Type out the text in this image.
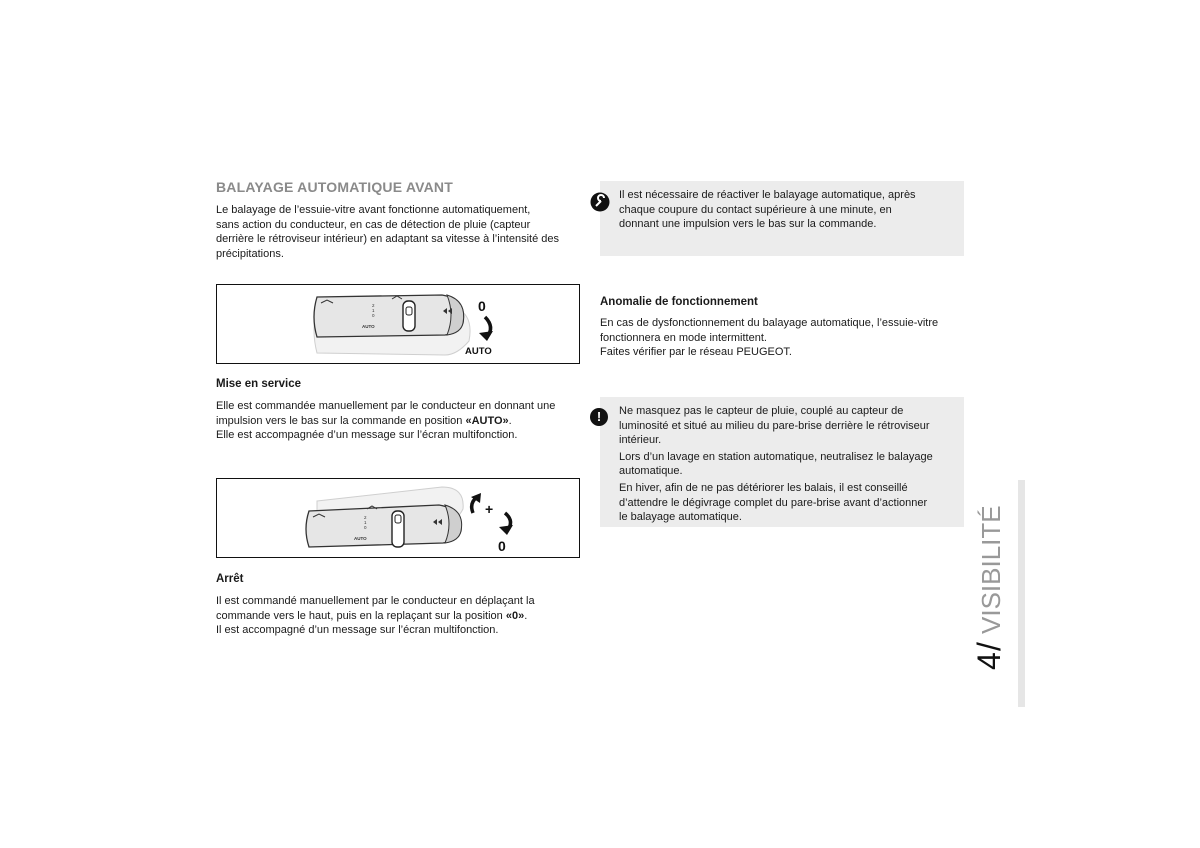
BALAYAGE AUTOMATIQUE AVANT
Le balayage de l’essuie-vitre avant fonctionne automatiquement,
sans action du conducteur, en cas de détection de pluie (capteur
derrière le rétroviseur intérieur) en adaptant sa vitesse à l’intensité des
précipitations.
2
1
0
AUTO
0
AUTO
Mise en service
Elle est commandée manuellement par le conducteur en donnant une
impulsion vers le bas sur la commande en position «AUTO».
Elle est accompagnée d’un message sur l’écran multifonction.
2
1
0
AUTO
+
0
Arrêt
Il est commandé manuellement par le conducteur en déplaçant la
commande vers le haut, puis en la replaçant sur la position «0».
Il est accompagné d’un message sur l’écran multifonction.
Il est nécessaire de réactiver le balayage automatique, après
chaque coupure du contact supérieure à une minute, en
donnant une impulsion vers le bas sur la commande.
Anomalie de fonctionnement
En cas de dysfonctionnement du balayage automatique, l’essuie-vitre
fonctionnera en mode intermittent.
Faites vérifier par le réseau PEUGEOT.
!	Ne masquez pas le capteur de pluie, couplé au capteur de
luminosité et situé au milieu du pare-brise derrière le rétroviseur
intérieur.
Lors d’un lavage en station automatique, neutralisez le balayage
automatique.
En hiver, afin de ne pas détériorer les balais, il est conseillé
d’attendre le dégivrage complet du pare-brise avant d’actionner
le balayage automatique.
4
/
VISIBILITÉ
